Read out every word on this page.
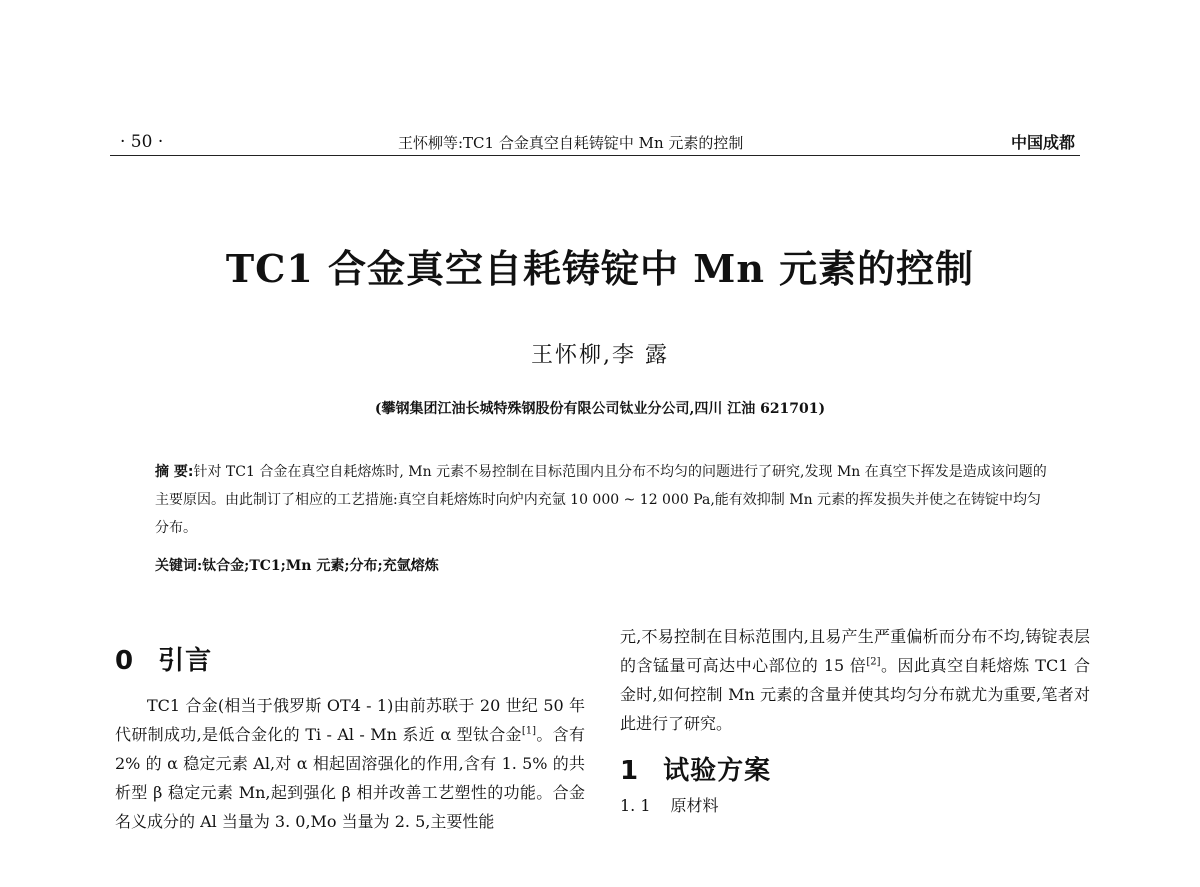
· 50 ·	王怀柳等:TC1 合金真空自耗铸锭中 Mn 元素的控制	中国成都
TC1 合金真空自耗铸锭中 Mn 元素的控制
王怀柳,李 露
(攀钢集团江油长城特殊钢股份有限公司钛业分公司,四川 江油 621701)

摘 要:针对 TC1 合金在真空自耗熔炼时, Mn 元素不易控制在目标范围内且分布不均匀的问题进行了研究,发现 Mn 在真空下挥发是造成该问题的主要原因。由此制订了相应的工艺措施:真空自耗熔炼时向炉内充氩 10 000 ~ 12 000 Pa,能有效抑制 Mn 元素的挥发损失并使之在铸锭中均匀分布。

关键词:钛合金;TC1;Mn 元素;分布;充氩熔炼
0 引言

TC1 合金(相当于俄罗斯 OT4 - 1)由前苏联于 20 世纪 50 年代研制成功,是低合金化的 Ti - Al - Mn 系近 α 型钛合金[1]。含有 2% 的 α 稳定元素 Al,对 α 相起固溶强化的作用,含有 1. 5% 的共析型 β 稳定元素 Mn,起到强化 β 相并改善工艺塑性的功能。合金名义成分的 Al 当量为 3. 0,Mo 当量为 2. 5,主要性能

元,不易控制在目标范围内,且易产生严重偏析而分布不均,铸锭表层的含锰量可高达中心部位的 15 倍[2]。因此真空自耗熔炼 TC1 合金时,如何控制 Mn 元素的含量并使其均匀分布就尤为重要,笔者对此进行了研究。

1 试验方案

1. 1 原材料
